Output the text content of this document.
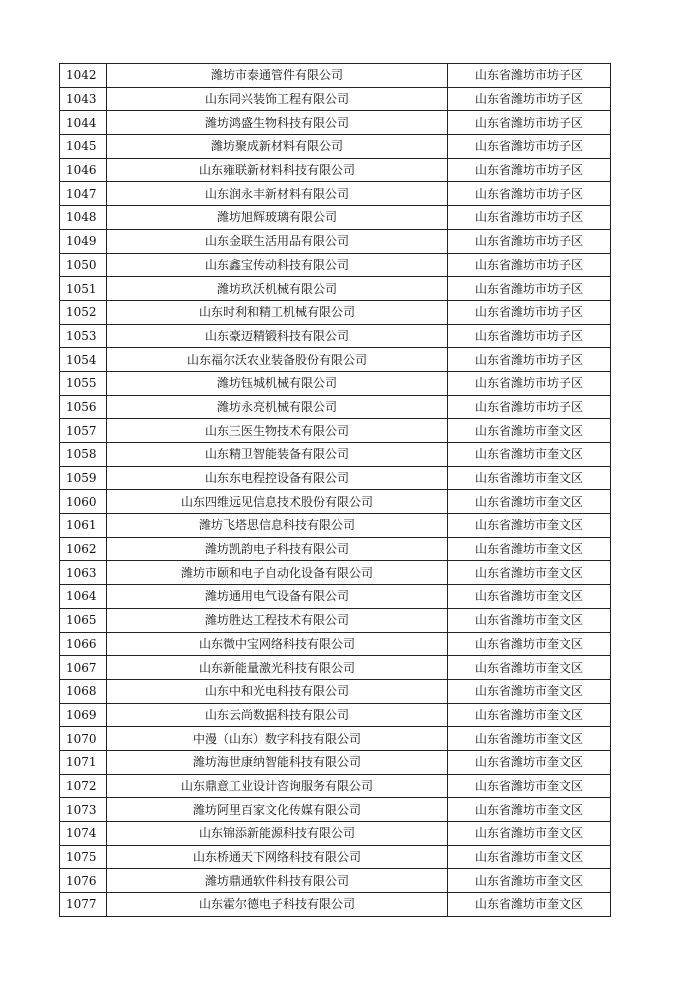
1042	潍坊市泰通管件有限公司	山东省潍坊市坊子区
1043	山东同兴装饰工程有限公司	山东省潍坊市坊子区
1044	潍坊鸿盛生物科技有限公司	山东省潍坊市坊子区
1045	潍坊聚成新材料有限公司	山东省潍坊市坊子区
1046	山东雍联新材料科技有限公司	山东省潍坊市坊子区
1047	山东润永丰新材料有限公司	山东省潍坊市坊子区
1048	潍坊旭辉玻璃有限公司	山东省潍坊市坊子区
1049	山东金联生活用品有限公司	山东省潍坊市坊子区
1050	山东鑫宝传动科技有限公司	山东省潍坊市坊子区
1051	潍坊玖沃机械有限公司	山东省潍坊市坊子区
1052	山东时利和精工机械有限公司	山东省潍坊市坊子区
1053	山东豪迈精锻科技有限公司	山东省潍坊市坊子区
1054	山东福尔沃农业装备股份有限公司	山东省潍坊市坊子区
1055	潍坊钰城机械有限公司	山东省潍坊市坊子区
1056	潍坊永亮机械有限公司	山东省潍坊市坊子区
1057	山东三医生物技术有限公司	山东省潍坊市奎文区
1058	山东精卫智能装备有限公司	山东省潍坊市奎文区
1059	山东东电程控设备有限公司	山东省潍坊市奎文区
1060	山东四维远见信息技术股份有限公司	山东省潍坊市奎文区
1061	潍坊飞塔思信息科技有限公司	山东省潍坊市奎文区
1062	潍坊凯韵电子科技有限公司	山东省潍坊市奎文区
1063	潍坊市颐和电子自动化设备有限公司	山东省潍坊市奎文区
1064	潍坊通用电气设备有限公司	山东省潍坊市奎文区
1065	潍坊胜达工程技术有限公司	山东省潍坊市奎文区
1066	山东微中宝网络科技有限公司	山东省潍坊市奎文区
1067	山东新能量激光科技有限公司	山东省潍坊市奎文区
1068	山东中和光电科技有限公司	山东省潍坊市奎文区
1069	山东云尚数据科技有限公司	山东省潍坊市奎文区
1070	中漫（山东）数字科技有限公司	山东省潍坊市奎文区
1071	潍坊海世康纳智能科技有限公司	山东省潍坊市奎文区
1072	山东鼎意工业设计咨询服务有限公司	山东省潍坊市奎文区
1073	潍坊阿里百家文化传媒有限公司	山东省潍坊市奎文区
1074	山东锦添新能源科技有限公司	山东省潍坊市奎文区
1075	山东桥通天下网络科技有限公司	山东省潍坊市奎文区
1076	潍坊鼎通软件科技有限公司	山东省潍坊市奎文区
1077	山东霍尔德电子科技有限公司	山东省潍坊市奎文区
